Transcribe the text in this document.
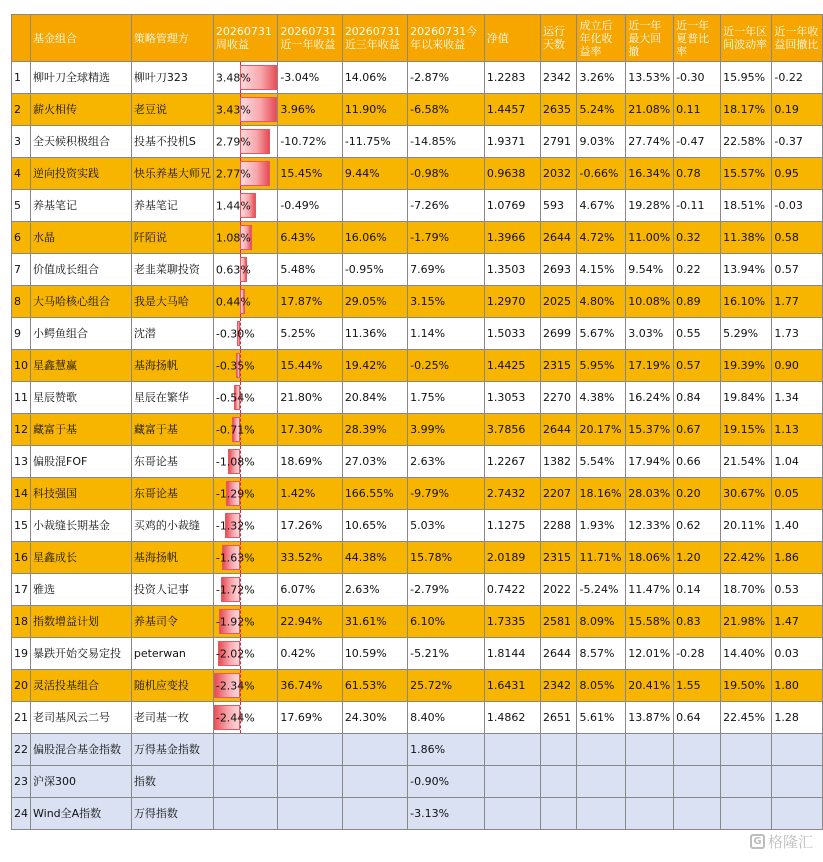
	基金组合	策略管理方	20260731周收益	20260731近一年收益	20260731近三年收益	20260731今年以来收益	净值	运行天数	成立后年化收益率	近一年最大回撤	近一年夏普比率	近一年区间波动率	近一年收益回撤比
1	柳叶刀全球精选	柳叶刀323	3.48%	-3.04%	14.06%	-2.87%	1.2283	2342	3.26%	13.53%	-0.30	15.95%	-0.22
2	薪火相传	老豆说	3.43%	3.96%	11.90%	-6.58%	1.4457	2635	5.24%	21.08%	0.11	18.17%	0.19
3	全天候积极组合	投基不投机S	2.79%	-10.72%	-11.75%	-14.85%	1.9371	2791	9.03%	27.74%	-0.47	22.58%	-0.37
4	逆向投资实践	快乐养基大师兄	2.77%	15.45%	9.44%	-0.98%	0.9638	2032	-0.66%	16.34%	0.78	15.57%	0.95
5	养基笔记	养基笔记	1.44%	-0.49%		-7.26%	1.0769	593	4.67%	19.28%	-0.11	18.51%	-0.03
6	水晶	阡陌说	1.08%	6.43%	16.06%	-1.79%	1.3966	2644	4.72%	11.00%	0.32	11.38%	0.58
7	价值成长组合	老韭菜聊投资	0.63%	5.48%	-0.95%	7.69%	1.3503	2693	4.15%	9.54%	0.22	13.94%	0.57
8	大马哈核心组合	我是大马哈	0.44%	17.87%	29.05%	3.15%	1.2970	2025	4.80%	10.08%	0.89	16.10%	1.77
9	小鳄鱼组合	沈潜	-0.30%	5.25%	11.36%	1.14%	1.5033	2699	5.67%	3.03%	0.55	5.29%	1.73
10	星鑫慧赢	基海扬帆	-0.35%	15.44%	19.42%	-0.25%	1.4425	2315	5.95%	17.19%	0.57	19.39%	0.90
11	星辰赞歌	星辰在繁华	-0.54%	21.80%	20.84%	1.75%	1.3053	2270	4.38%	16.24%	0.84	19.84%	1.34
12	藏富于基	藏富于基	-0.71%	17.30%	28.39%	3.99%	3.7856	2644	20.17%	15.37%	0.67	19.15%	1.13
13	偏股混FOF	东哥论基	-1.08%	18.69%	27.03%	2.63%	1.2267	1382	5.54%	17.94%	0.66	21.54%	1.04
14	科技强国	东哥论基	-1.29%	1.42%	166.55%	-9.79%	2.7432	2207	18.16%	28.03%	0.20	30.67%	0.05
15	小裁缝长期基金	买鸡的小裁缝	-1.32%	17.26%	10.65%	5.03%	1.1275	2288	1.93%	12.33%	0.62	20.11%	1.40
16	星鑫成长	基海扬帆	-1.63%	33.52%	44.38%	15.78%	2.0189	2315	11.71%	18.06%	1.20	22.42%	1.86
17	雅选	投资人记事	-1.72%	6.07%	2.63%	-2.79%	0.7422	2022	-5.24%	11.47%	0.14	18.70%	0.53
18	指数增益计划	养基司令	-1.92%	22.94%	31.61%	6.10%	1.7335	2581	8.09%	15.58%	0.83	21.98%	1.47
19	暴跌开始交易定投	peterwan	-2.02%	0.42%	10.59%	-5.21%	1.8144	2644	8.57%	12.01%	-0.28	14.40%	0.03
20	灵活投基组合	随机应变投	-2.34%	36.74%	61.53%	25.72%	1.6431	2342	8.05%	20.41%	1.55	19.50%	1.80
21	老司基风云二号	老司基一枚	-2.44%	17.69%	24.30%	8.40%	1.4862	2651	5.61%	13.87%	0.64	22.45%	1.28
22	偏股混合基金指数	万得基金指数				1.86%							
23	沪深300	指数				-0.90%							
24	Wind全A指数	万得指数				-3.13%							
G 格隆汇
